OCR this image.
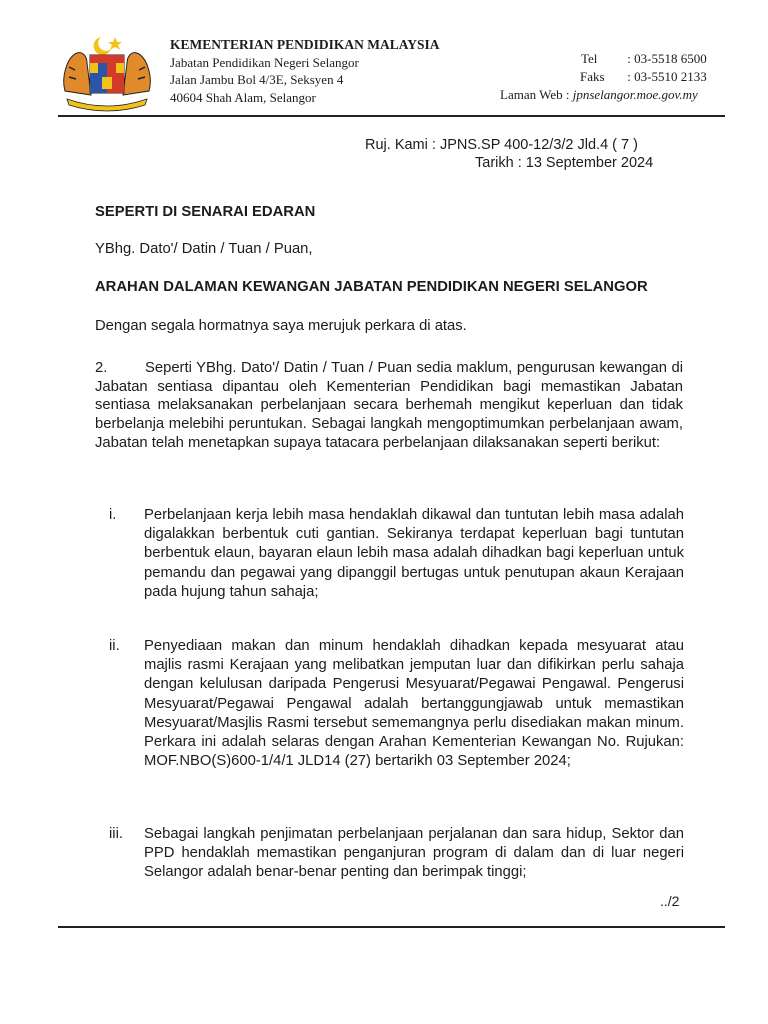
KEMENTERIAN PENDIDIKAN MALAYSIA
Jabatan Pendidikan Negeri Selangor
Jalan Jambu Bol 4/3E, Seksyen 4
40604 Shah Alam, Selangor
Tel : 03-5518 6500
Faks : 03-5510 2133
Laman Web : jpnselangor.moe.gov.my
Ruj. Kami : JPNS.SP 400-12/3/2 Jld.4 ( 7 )
Tarikh : 13 September 2024
SEPERTI DI SENARAI EDARAN
YBhg. Dato'/ Datin / Tuan / Puan,
ARAHAN DALAMAN KEWANGAN JABATAN PENDIDIKAN NEGERI SELANGOR
Dengan segala hormatnya saya merujuk perkara di atas.
2.	Seperti YBhg. Dato'/ Datin / Tuan / Puan sedia maklum, pengurusan kewangan di Jabatan sentiasa dipantau oleh Kementerian Pendidikan bagi memastikan Jabatan sentiasa melaksanakan perbelanjaan secara berhemah mengikut keperluan dan tidak berbelanja melebihi peruntukan. Sebagai langkah mengoptimumkan perbelanjaan awam, Jabatan telah menetapkan supaya tatacara perbelanjaan dilaksanakan seperti berikut:
i.	Perbelanjaan kerja lebih masa hendaklah dikawal dan tuntutan lebih masa adalah digalakkan berbentuk cuti gantian. Sekiranya terdapat keperluan bagi tuntutan berbentuk elaun, bayaran elaun lebih masa adalah dihadkan bagi keperluan untuk pemandu dan pegawai yang dipanggil bertugas untuk penutupan akaun Kerajaan pada hujung tahun sahaja;
ii.	Penyediaan makan dan minum hendaklah dihadkan kepada mesyuarat atau majlis rasmi Kerajaan yang melibatkan jemputan luar dan difikirkan perlu sahaja dengan kelulusan daripada Pengerusi Mesyuarat/Pegawai Pengawal. Pengerusi Mesyuarat/Pegawai Pengawal adalah bertanggungjawab untuk memastikan Mesyuarat/Masjlis Rasmi tersebut sememangnya perlu disediakan makan minum. Perkara ini adalah selaras dengan Arahan Kementerian Kewangan No. Rujukan: MOF.NBO(S)600-1/4/1 JLD14 (27) bertarikh 03 September 2024;
iii.	Sebagai langkah penjimatan perbelanjaan perjalanan dan sara hidup, Sektor dan PPD hendaklah memastikan penganjuran program di dalam dan di luar negeri Selangor adalah benar-benar penting dan berimpak tinggi;
../2
